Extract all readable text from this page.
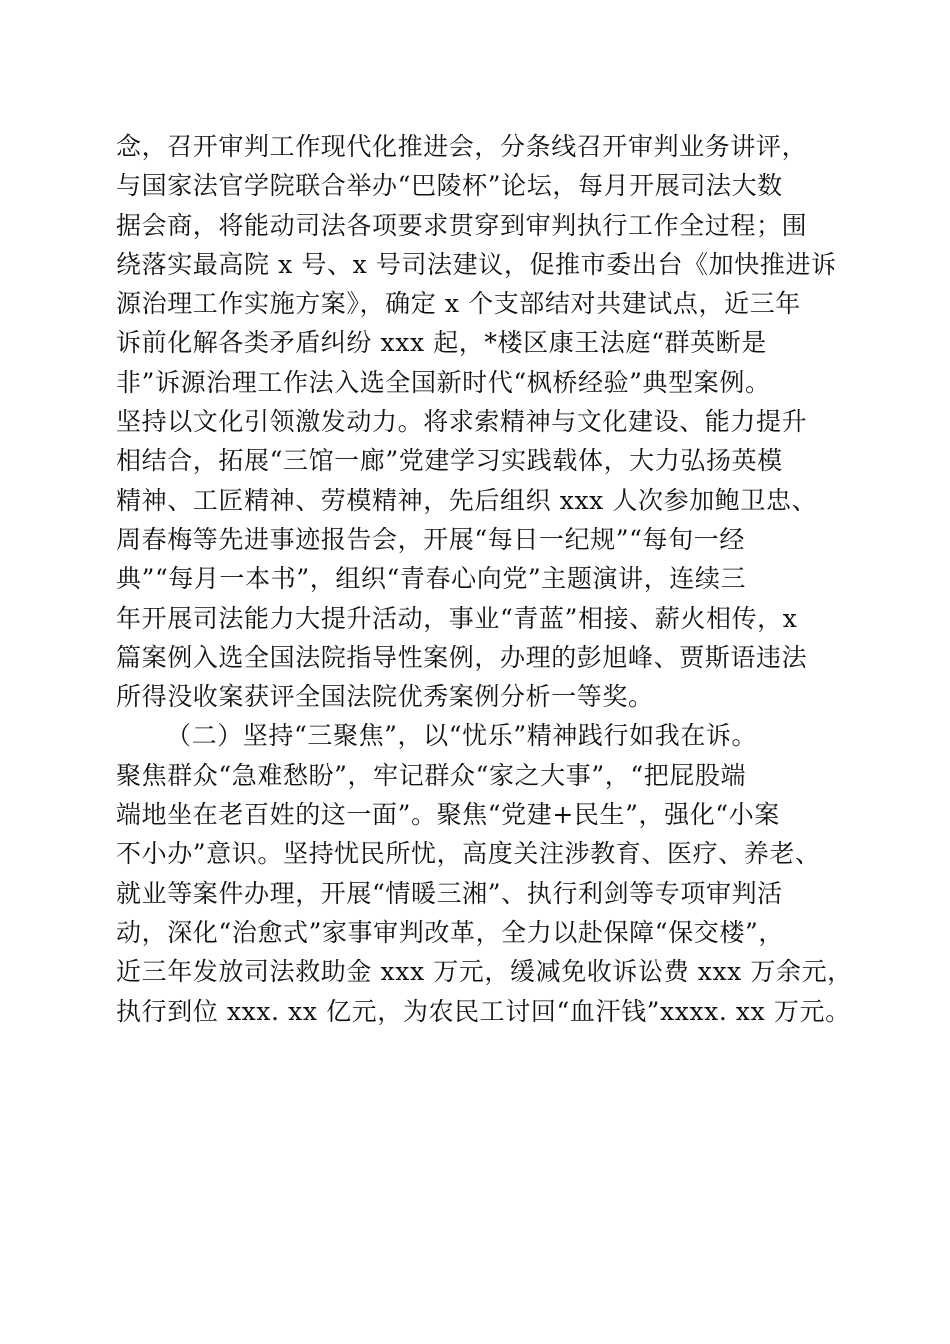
念，召开审判工作现代化推进会，分条线召开审判业务讲评，
与国家法官学院联合举办“巴陵杯”论坛，每月开展司法大数
据会商，将能动司法各项要求贯穿到审判执行工作全过程；围
绕落实最高院 x 号、x 号司法建议，促推市委出台《加快推进诉
源治理工作实施方案》，确定 x 个支部结对共建试点，近三年
诉前化解各类矛盾纠纷 xxx 起，*楼区康王法庭“群英断是
非”诉源治理工作法入选全国新时代“枫桥经验”典型案例。
坚持以文化引领激发动力。将求索精神与文化建设、能力提升
相结合，拓展“三馆一廊”党建学习实践载体，大力弘扬英模
精神、工匠精神、劳模精神，先后组织 xxx 人次参加鲍卫忠、
周春梅等先进事迹报告会，开展“每日一纪规”“每旬一经
典”“每月一本书”，组织“青春心向党”主题演讲，连续三
年开展司法能力大提升活动，事业“青蓝”相接、薪火相传，x
篇案例入选全国法院指导性案例，办理的彭旭峰、贾斯语违法
所得没收案获评全国法院优秀案例分析一等奖。
（二）坚持“三聚焦”，以“忧乐”精神践行如我在诉。
聚焦群众“急难愁盼”，牢记群众“家之大事”，“把屁股端
端地坐在老百姓的这一面”。聚焦“党建+民生”，强化“小案
不小办”意识。坚持忧民所忧，高度关注涉教育、医疗、养老、
就业等案件办理，开展“情暖三湘”、执行利剑等专项审判活
动，深化“治愈式”家事审判改革，全力以赴保障“保交楼”，
近三年发放司法救助金 xxx 万元，缓减免收诉讼费 xxx 万余元，
执行到位 xxx. xx 亿元，为农民工讨回“血汗钱”xxxx. xx 万元。
